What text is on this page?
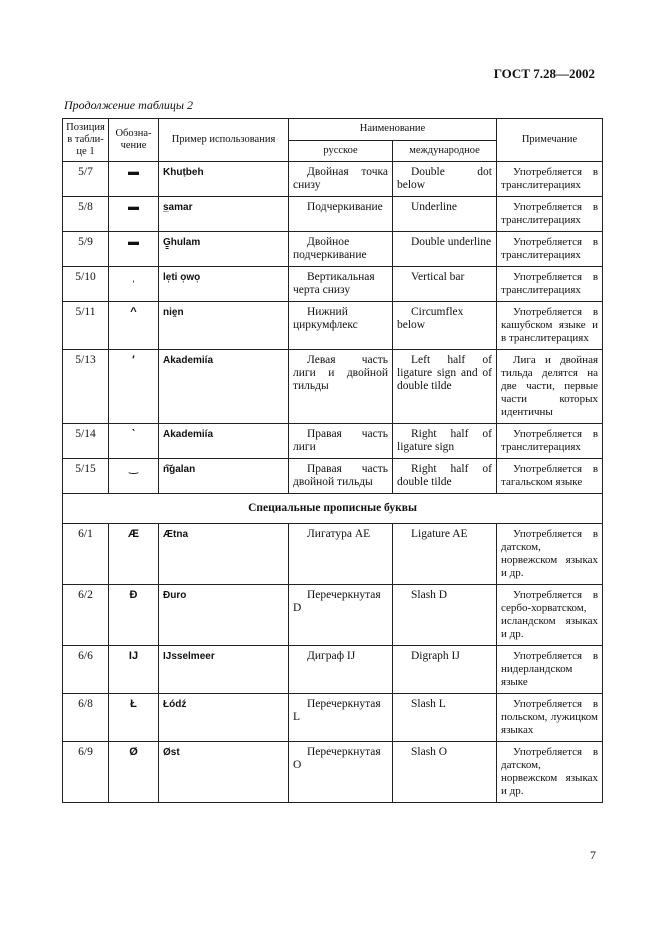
ГОСТ 7.28—2002
Продолжение таблицы 2
Позиция в табли-це 1	Обозна-чение	Пример использования	Наименование		Примечание
			русское	международное	
5/7	▬	Khuṭbeh	Двойная точка снизу	Double dot below	Употребляется в транслитерациях
5/8	▬	s̲amar	Подчеркивание	Underline	Употребляется в транслитерациях
5/9	▬	G̳hulam	Двойное подчеркивание	Double underline	Употребляется в транслитерациях
5/10	ˌ	le̩ti o̩wo̩	Вертикальная черта снизу	Vertical bar	Употребляется в транслитерациях
5/11	^	niḙn	Нижний циркумфлекс	Circumflex below	Употребляется в кашубском языке и в транслитерациях
5/13	′	Akademiía	Левая часть лиги и двойной тильды	Left half of ligature sign and of double tilde	Лига и двойная тильда делятся на две части, первые части которых идентичны
5/14	‵	Akademiía	Правая часть лиги	Right half of ligature sign	Употребляется в транслитерациях
5/15	‿	n͠galan	Правая часть двойной тильды	Right half of double tilde	Употребляется в тагальском языке
Специальные прописные буквы					
6/1	Æ	Ætna	Лигатура АЕ	Ligature AE	Употребляется в датском, норвежском языках и др.
6/2	Đ	Đuro	Перечеркнутая D	Slash D	Употребляется в сербо-хорватском, исландском языках и др.
6/6	IJ	IJsselmeer	Диграф IJ	Digraph IJ	Употребляется в нидерландском языке
6/8	Ł	Łódź	Перечеркнутая L	Slash L	Употребляется в польском, лужицком языках
6/9	Ø	Øst	Перечеркнутая О	Slash O	Употребляется в датском, норвежском языках и др.
7
